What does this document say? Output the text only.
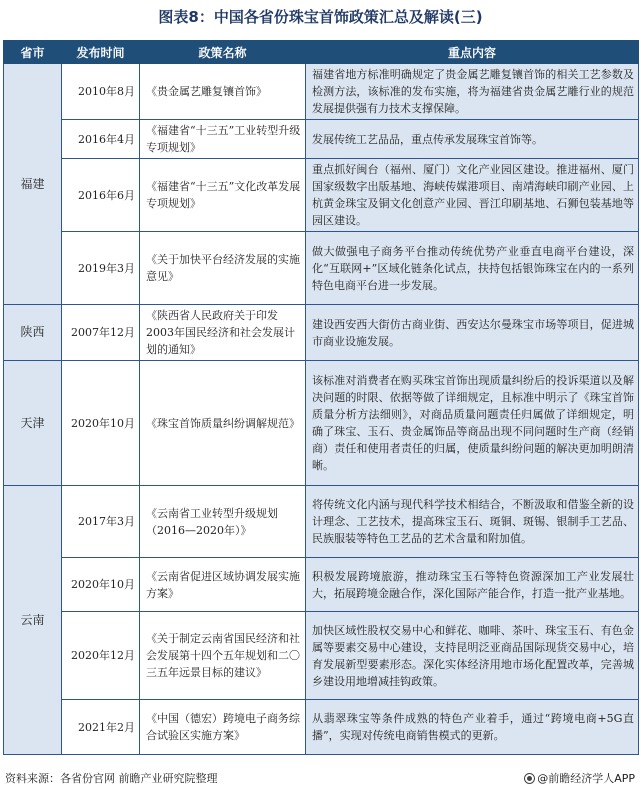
图表8：中国各省份珠宝首饰政策汇总及解读(三)
省市	发布时间	政策名称	重点内容
福建	2010年8月	《贵金属艺雕复镶首饰》	福建省地方标准明确规定了贵金属艺雕复镶首饰的相关工艺参数及检测方法，该标准的发布实施，将为福建省贵金属艺雕行业的规范发展提供强有力技术支撑保障。
	2016年4月	《福建省“十三五”工业转型升级专项规划》	发展传统工艺品品，重点传承发展珠宝首饰等。
	2016年6月	《福建省“十三五”文化改革发展专项规划》	重点抓好闽台（福州、厦门）文化产业园区建设。推进福州、厦门国家级数字出版基地、海峡传媒港项目、南靖海峡印刷产业园、上杭黄金珠宝及铜文化创意产业园、晋江印刷基地、石狮包装基地等园区建设。
	2019年3月	《关于加快平台经济发展的实施意见》	做大做强电子商务平台推动传统优势产业垂直电商平台建设，深化“互联网+”区域化链条化试点，扶持包括银饰珠宝在内的一系列特色电商平台进一步发展。
陕西	2007年12月	《陕西省人民政府关于印发2003年国民经济和社会发展计划的通知》	建设西安西大街仿古商业街、西安达尔曼珠宝市场等项目，促进城市商业设施发展。
天津	2020年10月	《珠宝首饰质量纠纷调解规范》	该标准对消费者在购买珠宝首饰出现质量纠纷后的投诉渠道以及解决问题的时限、依据等做了详细规定，且标准中明示了《珠宝首饰质量分析方法细则》，对商品质量问题责任归属做了详细规定，明确了珠宝、玉石、贵金属饰品等商品出现不同问题时生产商（经销商）责任和使用者责任的归属，使质量纠纷问题的解决更加明朗清晰。
云南	2017年3月	《云南省工业转型升级规划（2016—2020年）》	将传统文化内涵与现代科学技术相结合，不断汲取和借鉴全新的设计理念、工艺技术，提高珠宝玉石、斑铜、斑锡、银制手工艺品、民族服装等特色工艺品的艺术含量和附加值。
	2020年10月	《云南省促进区域协调发展实施方案》	积极发展跨境旅游，推动珠宝玉石等特色资源深加工产业发展壮大，拓展跨境金融合作，深化国际产能合作，打造一批产业基地。
	2020年12月	《关于制定云南省国民经济和社会发展第十四个五年规划和二〇三五年远景目标的建议》	加快区域性股权交易中心和鲜花、咖啡、茶叶、珠宝玉石、有色金属等要素交易中心建设，支持昆明泛亚商品国际现货交易中心，培育发展新型要素形态。深化实体经济用地市场化配置改革，完善城乡建设用地增减挂钩政策。
	2021年2月	《中国（德宏）跨境电子商务综合试验区实施方案》	从翡翠珠宝等条件成熟的特色产业着手，通过“跨境电商+5G直播”，实现对传统电商销售模式的更新。
资料来源：各省份官网 前瞻产业研究院整理	@前瞻经济学人APP
